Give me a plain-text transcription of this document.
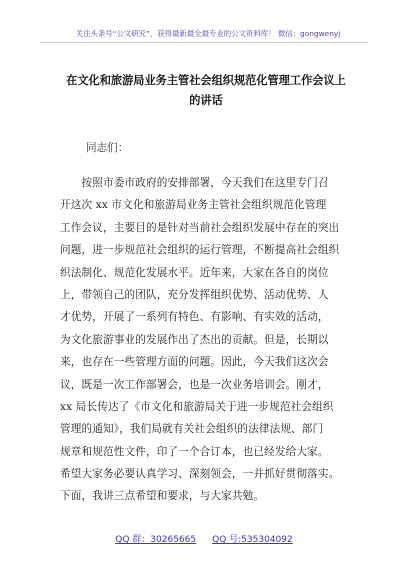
关注头条号“公文研究”，获得最新最全最专业的公文资料库！ 微信：gongwenyj
在文化和旅游局业务主管社会组织规范化管理工作会议上
的讲话
同志们：
　　按照市委市政府的安排部署，今天我们在这里专门召
开这次 xx 市文化和旅游局业务主管社会组织规范化管理
工作会议，主要目的是针对当前社会组织发展中存在的突出
问题，进一步规范社会组织的运行管理，不断提高社会组织
织法制化、规范化发展水平。近年来，大家在各自的岗位
上，带领自己的团队，充分发挥组织优势、活动优势、人
才优势，开展了一系列有特色、有影响、有实效的活动，
为文化旅游事业的发展作出了杰出的贡献。但是，长期以
来，也存在一些管理方面的问题。因此，今天我们这次会
议，既是一次工作部署会，也是一次业务培训会。刚才，
xx 局长传达了《市文化和旅游局关于进一步规范社会组织
管理的通知》，我们局就有关社会组织的法律法规、部门
规章和规范性文件，印了一个合订本，也已经发给大家。
希望大家务必要认真学习、深刻领会，一并抓好贯彻落实。
下面，我讲三点希望和要求，与大家共勉。
QQ 群：30265665 QQ 号:535304092
